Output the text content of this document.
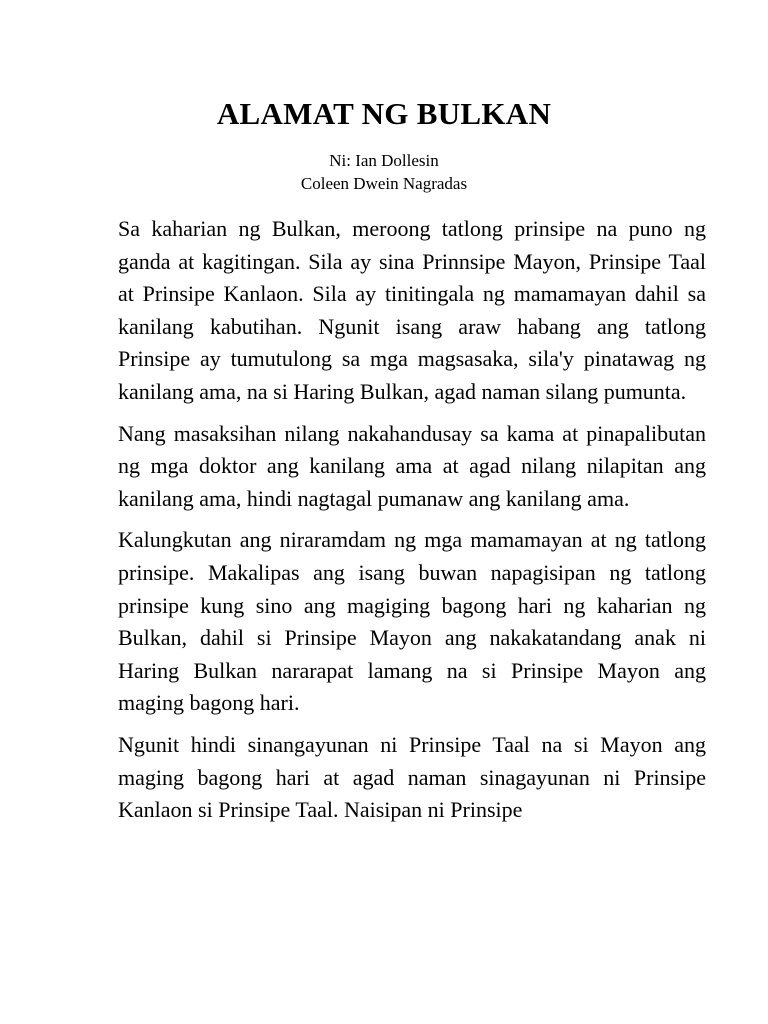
ALAMAT NG BULKAN
Ni: Ian Dollesin
Coleen Dwein Nagradas

Sa kaharian ng Bulkan, meroong tatlong prinsipe na puno ng ganda at kagitingan. Sila ay sina Prinnsipe Mayon, Prinsipe Taal at Prinsipe Kanlaon. Sila ay tinitingala ng mamamayan dahil sa kanilang kabutihan. Ngunit isang araw habang ang tatlong Prinsipe ay tumutulong sa mga magsasaka, sila'y pinatawag ng kanilang ama, na si Haring Bulkan, agad naman silang pumunta.

Nang masaksihan nilang nakahandusay sa kama at pinapalibutan ng mga doktor ang kanilang ama at agad nilang nilapitan ang kanilang ama, hindi nagtagal pumanaw ang kanilang ama.

Kalungkutan ang niraramdam ng mga mamamayan at ng tatlong prinsipe. Makalipas ang isang buwan napagisipan ng tatlong prinsipe kung sino ang magiging bagong hari ng kaharian ng Bulkan, dahil si Prinsipe Mayon ang nakakatandang anak ni Haring Bulkan nararapat lamang na si Prinsipe Mayon ang maging bagong hari.

Ngunit hindi sinangayunan ni Prinsipe Taal na si Mayon ang maging bagong hari at agad naman sinagayunan ni Prinsipe Kanlaon si Prinsipe Taal. Naisipan ni Prinsipe
